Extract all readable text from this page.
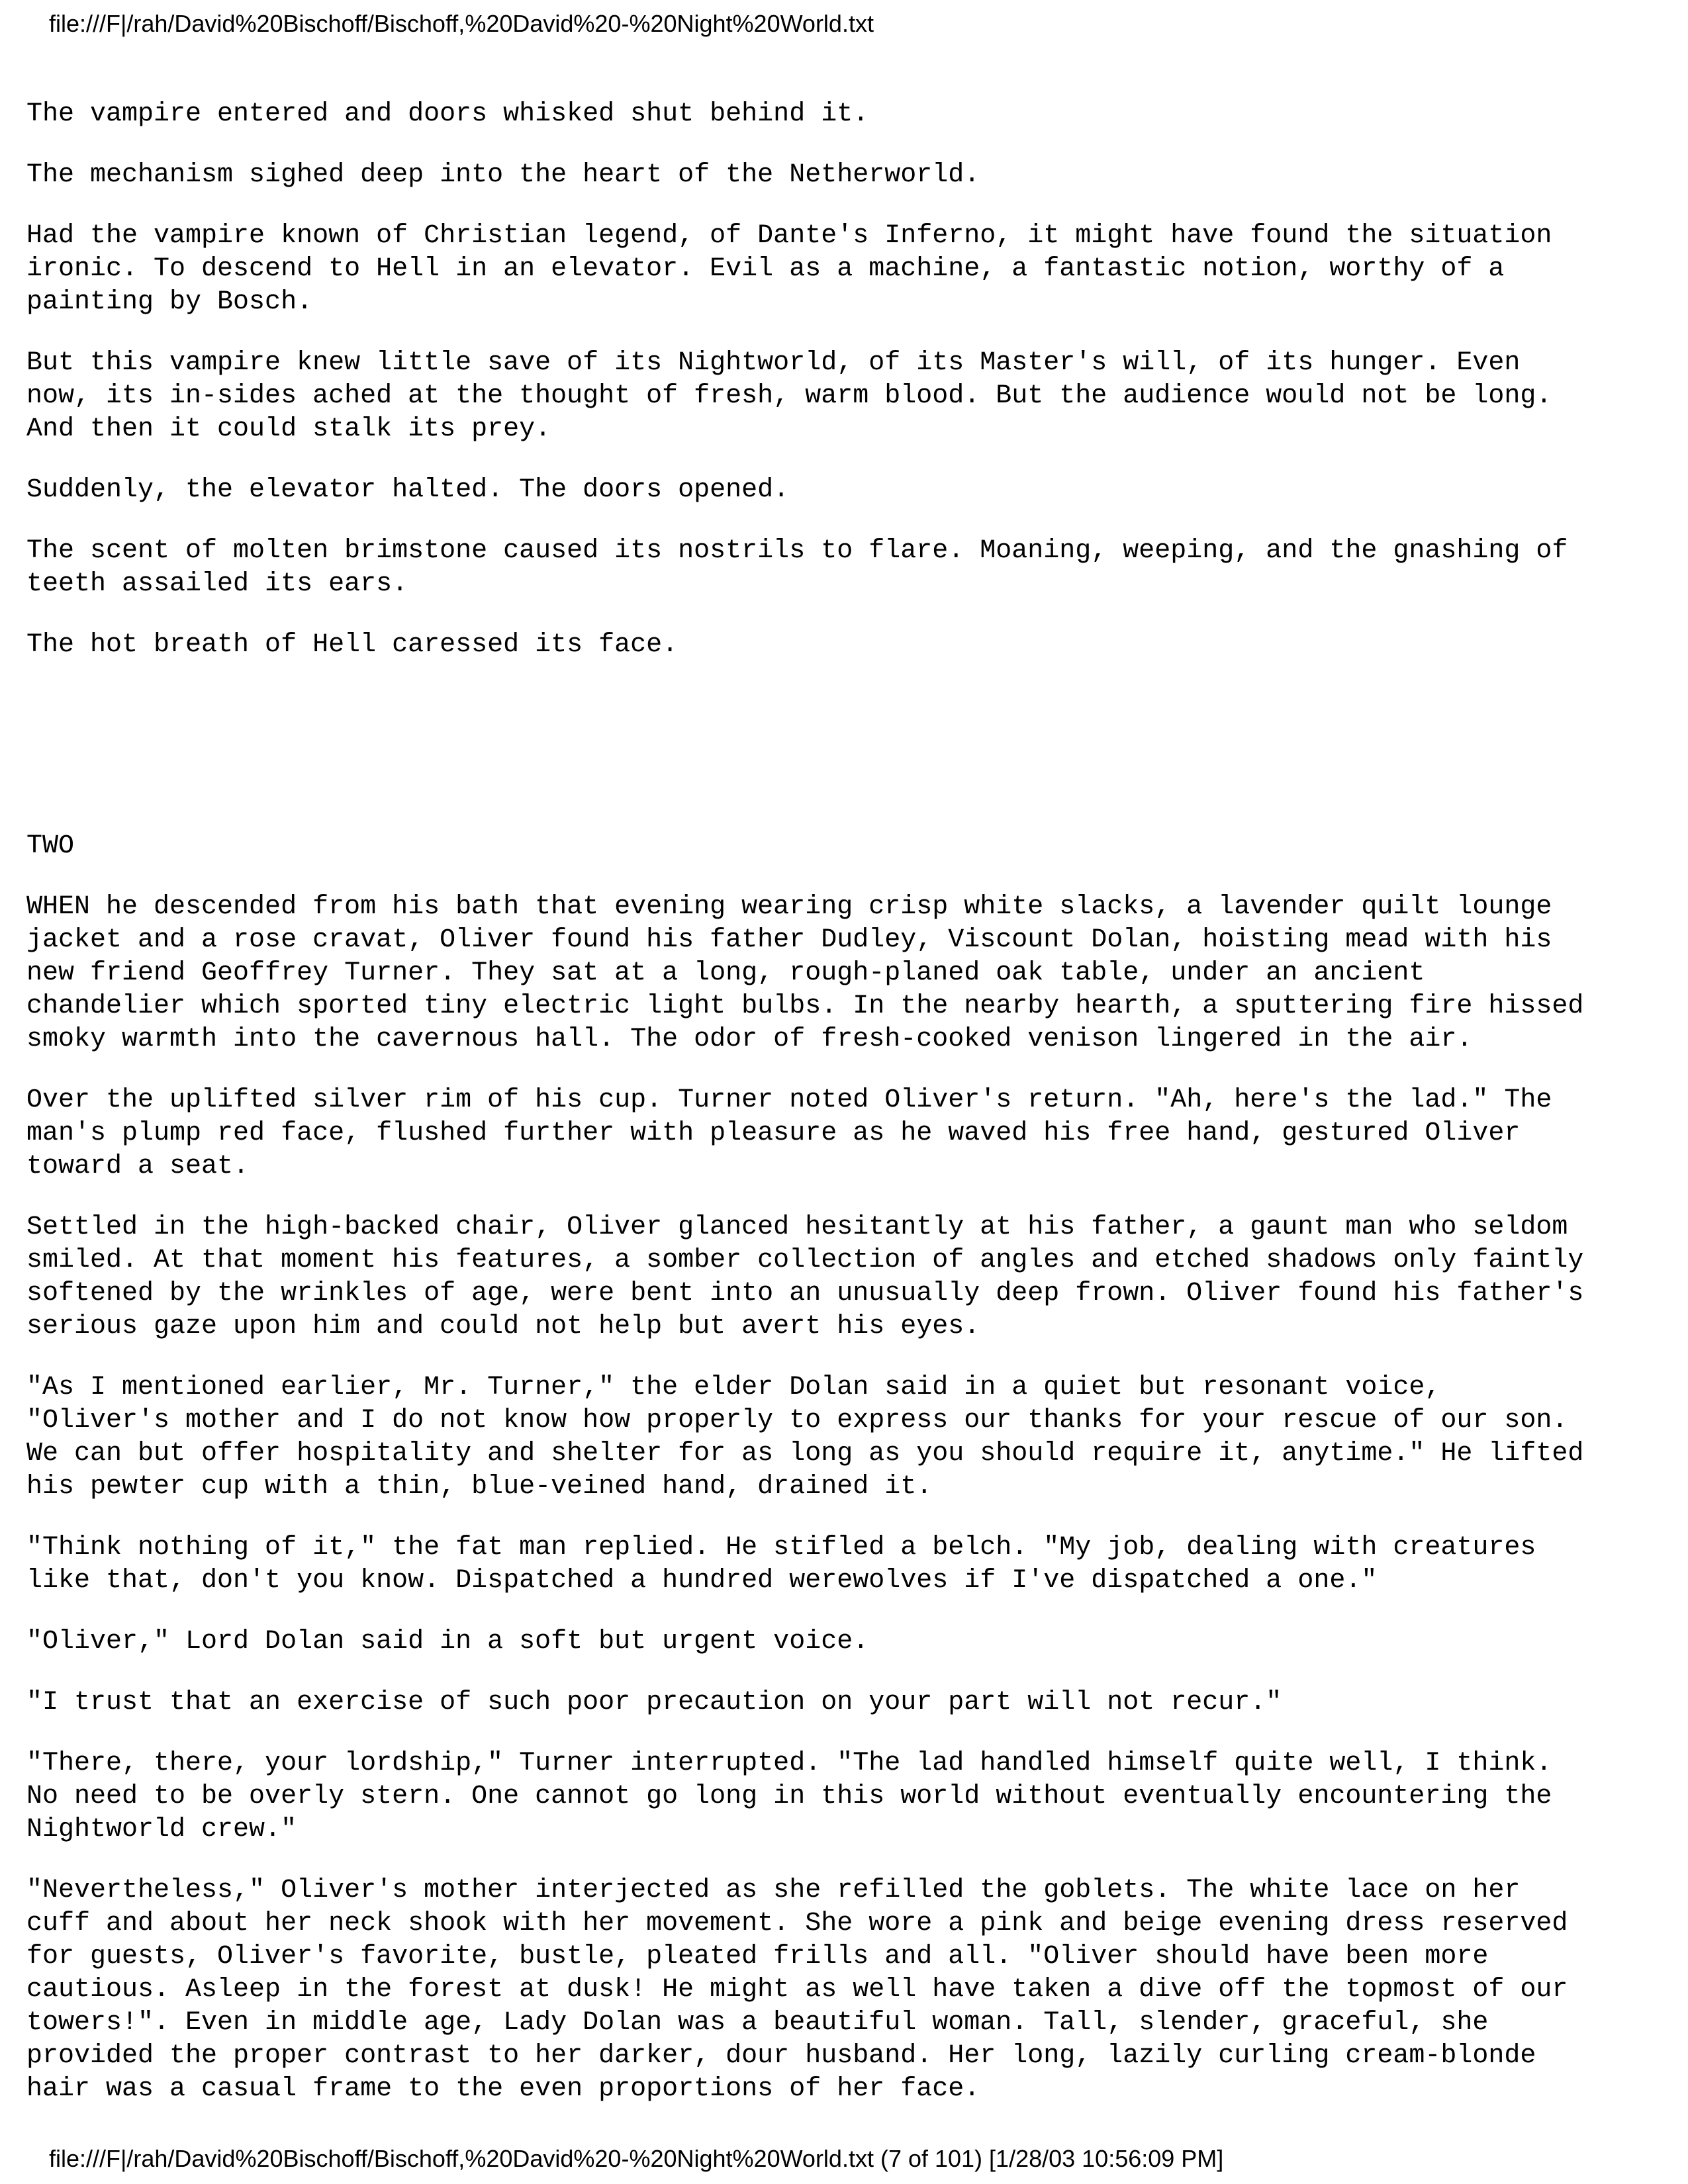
file:///F|/rah/David%20Bischoff/Bischoff,%20David%20-%20Night%20World.txt

The vampire entered and doors whisked shut behind it.

The mechanism sighed deep into the heart of the Netherworld.

Had the vampire known of Christian legend, of Dante's Inferno, it might have found the situation
ironic. To descend to Hell in an elevator. Evil as a machine, a fantastic notion, worthy of a
painting by Bosch.

But this vampire knew little save of its Nightworld, of its Master's will, of its hunger. Even
now, its in-sides ached at the thought of fresh, warm blood. But the audience would not be long.
And then it could stalk its prey.

Suddenly, the elevator halted. The doors opened.

The scent of molten brimstone caused its nostrils to flare. Moaning, weeping, and the gnashing of
teeth assailed its ears.

The hot breath of Hell caressed its face.

TWO

WHEN he descended from his bath that evening wearing crisp white slacks, a lavender quilt lounge
jacket and a rose cravat, Oliver found his father Dudley, Viscount Dolan, hoisting mead with his
new friend Geoffrey Turner. They sat at a long, rough-planed oak table, under an ancient
chandelier which sported tiny electric light bulbs. In the nearby hearth, a sputtering fire hissed
smoky warmth into the cavernous hall. The odor of fresh-cooked venison lingered in the air.

Over the uplifted silver rim of his cup. Turner noted Oliver's return. "Ah, here's the lad." The
man's plump red face, flushed further with pleasure as he waved his free hand, gestured Oliver
toward a seat.

Settled in the high-backed chair, Oliver glanced hesitantly at his father, a gaunt man who seldom
smiled. At that moment his features, a somber collection of angles and etched shadows only faintly
softened by the wrinkles of age, were bent into an unusually deep frown. Oliver found his father's
serious gaze upon him and could not help but avert his eyes.

"As I mentioned earlier, Mr. Turner," the elder Dolan said in a quiet but resonant voice,
"Oliver's mother and I do not know how properly to express our thanks for your rescue of our son.
We can but offer hospitality and shelter for as long as you should require it, anytime." He lifted
his pewter cup with a thin, blue-veined hand, drained it.

"Think nothing of it," the fat man replied. He stifled a belch. "My job, dealing with creatures
like that, don't you know. Dispatched a hundred werewolves if I've dispatched a one."

"Oliver," Lord Dolan said in a soft but urgent voice.

"I trust that an exercise of such poor precaution on your part will not recur."

"There, there, your lordship," Turner interrupted. "The lad handled himself quite well, I think.
No need to be overly stern. One cannot go long in this world without eventually encountering the
Nightworld crew."

"Nevertheless," Oliver's mother interjected as she refilled the goblets. The white lace on her
cuff and about her neck shook with her movement. She wore a pink and beige evening dress reserved
for guests, Oliver's favorite, bustle, pleated frills and all. "Oliver should have been more
cautious. Asleep in the forest at dusk! He might as well have taken a dive off the topmost of our
towers!". Even in middle age, Lady Dolan was a beautiful woman. Tall, slender, graceful, she
provided the proper contrast to her darker, dour husband. Her long, lazily curling cream-blonde
hair was a casual frame to the even proportions of her face.

file:///F|/rah/David%20Bischoff/Bischoff,%20David%20-%20Night%20World.txt (7 of 101) [1/28/03 10:56:09 PM]
